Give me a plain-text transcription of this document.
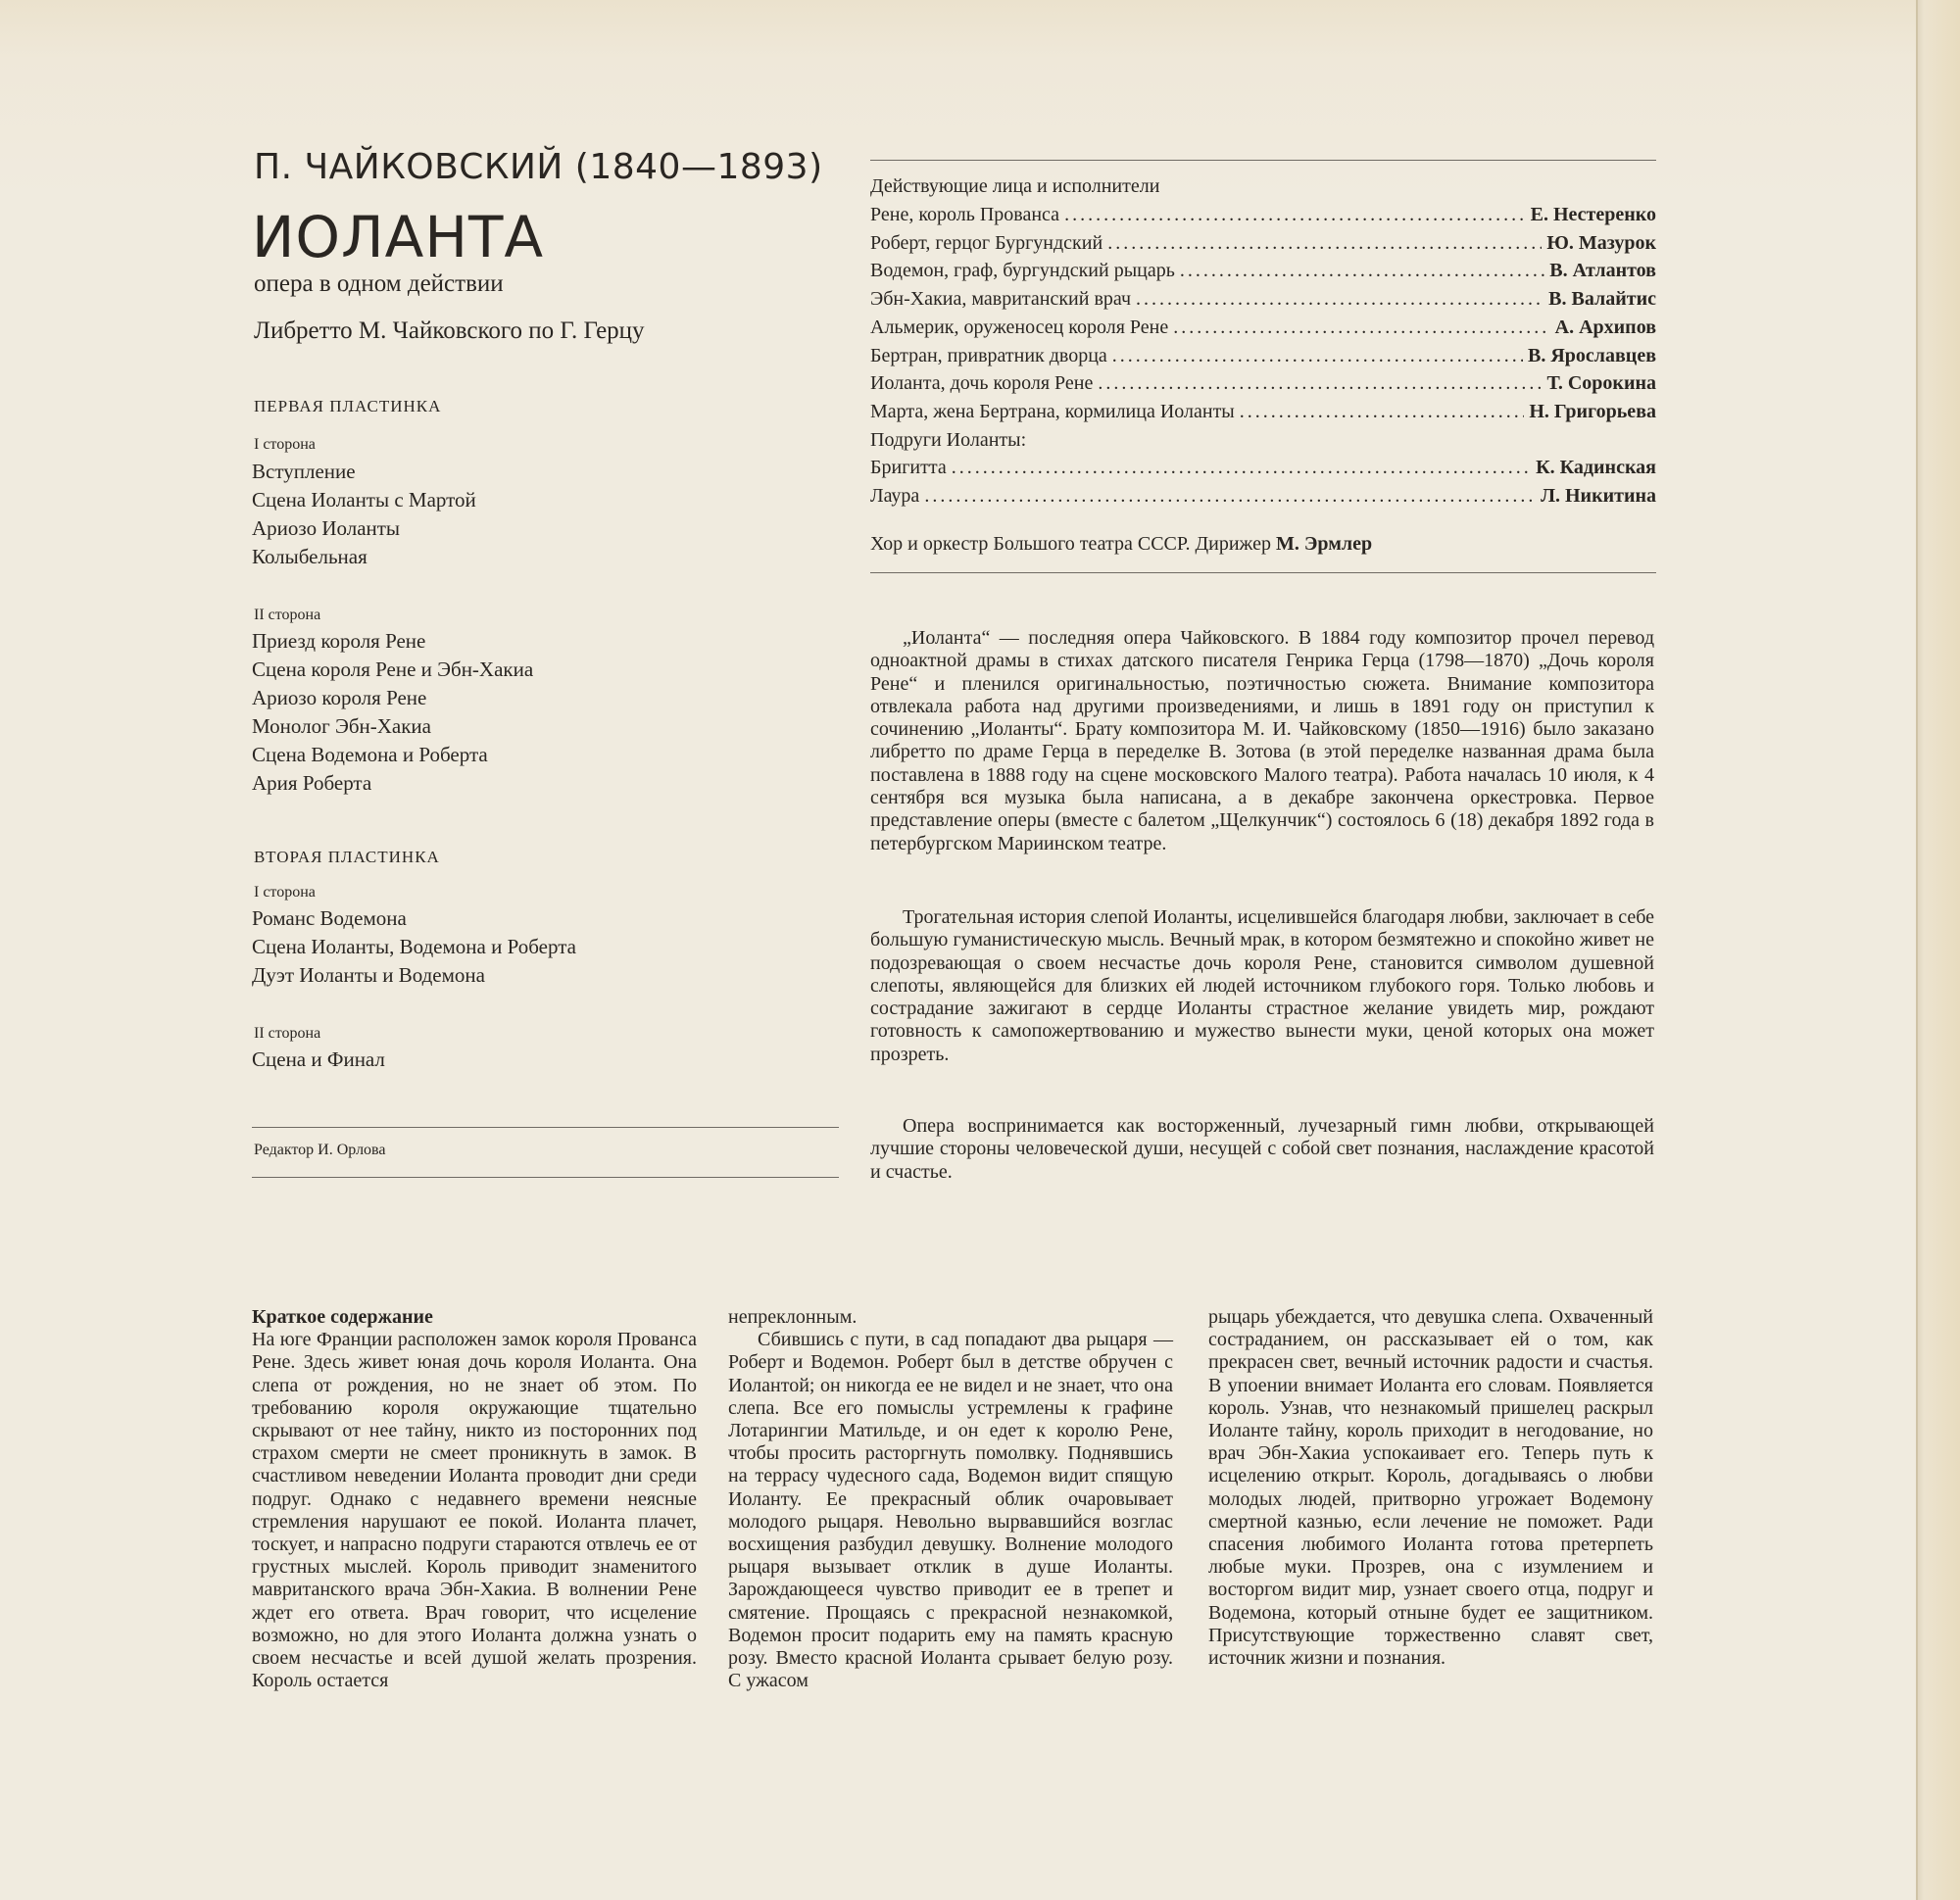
П. ЧАЙКОВСКИЙ (1840—1893)
ИОЛАНТА
опера в одном действии
Либретто М. Чайковского по Г. Герцу
ПЕРВАЯ ПЛАСТИНКА
I сторона
Вступление
Сцена Иоланты с Мартой
Ариозо Иоланты
Колыбельная
II сторона
Приезд короля Рене
Сцена короля Рене и Эбн-Хакиа
Ариозо короля Рене
Монолог Эбн-Хакиа
Сцена Водемона и Роберта
Ария Роберта
ВТОРАЯ ПЛАСТИНКА
I сторона
Романс Водемона
Сцена Иоланты, Водемона и Роберта
Дуэт Иоланты и Водемона
II сторона
Сцена и Финал
Редактор И. Орлова
Действующие лица и исполнители
Рене, король Прованса . . .	Е. Нестеренко
Роберт, герцог Бургундский . . .	Ю. Мазурок
Водемон, граф, бургундский рыцарь . . .	В. Атлантов
Эбн-Хакиа, мавританский врач . . .	В. Валайтис
Альмерик, оруженосец короля Рене . . .	А. Архипов
Бертран, привратник дворца . . .	В. Ярославцев
Иоланта, дочь короля Рене . . .	Т. Сорокина
Марта, жена Бертрана, кормилица Иоланты . . .	Н. Григорьева
Подруги Иоланты:
Бригитта . . .	К. Кадинская
Лаура . . .	Л. Никитина
Хор и оркестр Большого театра СССР. Дирижер М. Эрмлер

„Иоланта“ — последняя опера Чайковского. В 1884 году композитор прочел перевод одноактной драмы в стихах датского писателя Генрика Герца (1798—1870) „Дочь короля Рене“ и пленился оригинальностью, поэтичностью сюжета. Внимание композитора отвлекала работа над другими произведениями, и лишь в 1891 году он приступил к сочинению „Иоланты“. Брату композитора М. И. Чайковскому (1850—1916) было заказано либретто по драме Герца в переделке В. Зотова (в этой переделке названная драма была поставлена в 1888 году на сцене московского Малого театра). Работа началась 10 июля, к 4 сентября вся музыка была написана, а в декабре закончена оркестровка. Первое представление оперы (вместе с балетом „Щелкунчик“) состоялось 6 (18) декабря 1892 года в петербургском Мариинском театре.

Трогательная история слепой Иоланты, исцелившейся благодаря любви, заключает в себе большую гуманистическую мысль. Вечный мрак, в котором безмятежно и спокойно живет не подозревающая о своем несчастье дочь короля Рене, становится символом душевной слепоты, являющейся для близких ей людей источником глубокого горя. Только любовь и сострадание зажигают в сердце Иоланты страстное желание увидеть мир, рождают готовность к самопожертвованию и мужество вынести муки, ценой которых она может прозреть.

Опера воспринимается как восторженный, лучезарный гимн любви, открывающей лучшие стороны человеческой души, несущей с собой свет познания, наслаждение красотой и счастье.

Краткое содержание

На юге Франции расположен замок короля Прованса Рене. Здесь живет юная дочь короля Иоланта. Она слепа от рождения, но не знает об этом. По требованию короля окружающие тщательно скрывают от нее тайну, никто из посторонних под страхом смерти не смеет проникнуть в замок. В счастливом неведении Иоланта проводит дни среди подруг. Однако с недавнего времени неясные стремления нарушают ее покой. Иоланта плачет, тоскует, и напрасно подруги стараются отвлечь ее от грустных мыслей. Король приводит знаменитого мавританского врача Эбн-Хакиа. В волнении Рене ждет его ответа. Врач говорит, что исцеление возможно, но для этого Иоланта должна узнать о своем несчастье и всей душой желать прозрения. Король остается

непреклонным.

Сбившись с пути, в сад попадают два рыцаря — Роберт и Водемон. Роберт был в детстве обручен с Иолантой; он никогда ее не видел и не знает, что она слепа. Все его помыслы устремлены к графине Лотарингии Матильде, и он едет к королю Рене, чтобы просить расторгнуть помолвку. Поднявшись на террасу чудесного сада, Водемон видит спящую Иоланту. Ее прекрасный облик очаровывает молодого рыцаря. Невольно вырвавшийся возглас восхищения разбудил девушку. Волнение молодого рыцаря вызывает отклик в душе Иоланты. Зарождающееся чувство приводит ее в трепет и смятение. Прощаясь с прекрасной незнакомкой, Водемон просит подарить ему на память красную розу. Вместо красной Иоланта срывает белую розу. С ужасом

рыцарь убеждается, что девушка слепа. Охваченный состраданием, он рассказывает ей о том, как прекрасен свет, вечный источник радости и счастья. В упоении внимает Иоланта его словам. Появляется король. Узнав, что незнакомый пришелец раскрыл Иоланте тайну, король приходит в негодование, но врач Эбн-Хакиа успокаивает его. Теперь путь к исцелению открыт. Король, догадываясь о любви молодых людей, притворно угрожает Водемону смертной казнью, если лечение не поможет. Ради спасения любимого Иоланта готова претерпеть любые муки. Прозрев, она с изумлением и восторгом видит мир, узнает своего отца, подруг и Водемона, который отныне будет ее защитником. Присутствующие торжественно славят свет, источник жизни и познания.
